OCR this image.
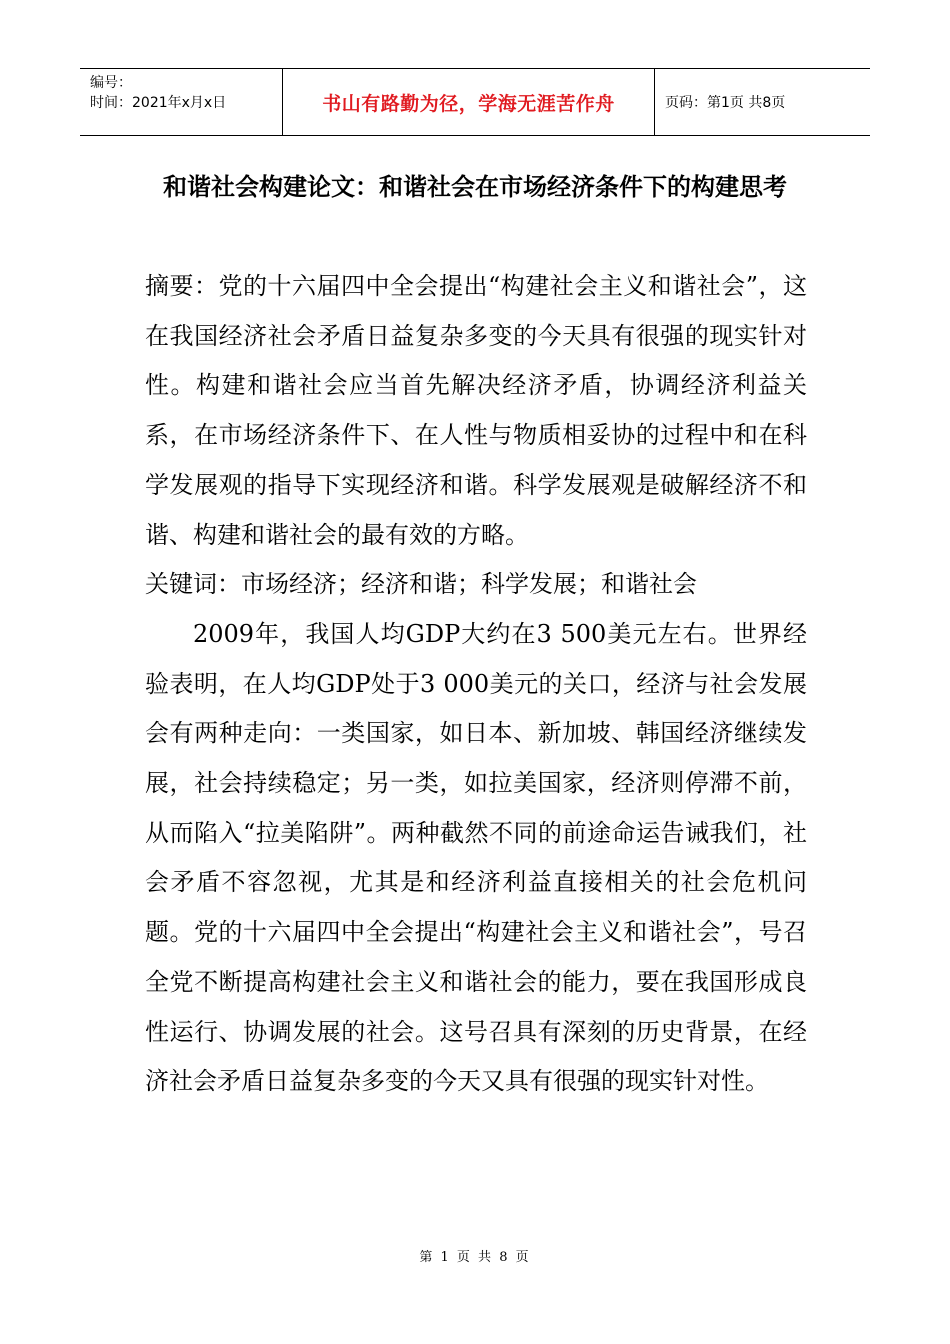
编号：
时间：2021年x月x日	书山有路勤为径，学海无涯苦作舟	页码：第1页 共8页
和谐社会构建论文：和谐社会在市场经济条件下的构建思考

摘要：党的十六届四中全会提出“构建社会主义和谐社会”，这在我国经济社会矛盾日益复杂多变的今天具有很强的现实针对性。构建和谐社会应当首先解决经济矛盾，协调经济利益关系，在市场经济条件下、在人性与物质相妥协的过程中和在科学发展观的指导下实现经济和谐。科学发展观是破解经济不和谐、构建和谐社会的最有效的方略。

关键词：市场经济；经济和谐；科学发展；和谐社会

2009年，我国人均GDP大约在3 500美元左右。世界经验表明，在人均GDP处于3 000美元的关口，经济与社会发展会有两种走向：一类国家，如日本、新加坡、韩国经济继续发展，社会持续稳定；另一类，如拉美国家，经济则停滞不前，从而陷入“拉美陷阱”。两种截然不同的前途命运告诫我们，社会矛盾不容忽视，尤其是和经济利益直接相关的社会危机问题。党的十六届四中全会提出“构建社会主义和谐社会”，号召全党不断提高构建社会主义和谐社会的能力，要在我国形成良性运行、协调发展的社会。这号召具有深刻的历史背景，在经济社会矛盾日益复杂多变的今天又具有很强的现实针对性。

第 1 页 共 8 页
